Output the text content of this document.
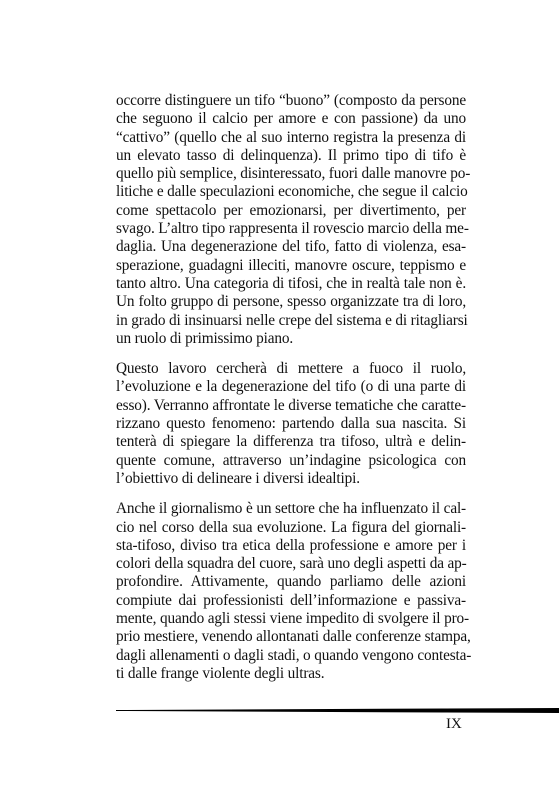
occorre distinguere un tifo “buono” (composto da persone
che seguono il calcio per amore e con passione) da uno
“cattivo” (quello che al suo interno registra la presenza di
un elevato tasso di delinquenza). Il primo tipo di tifo è
quello più semplice, disinteressato, fuori dalle manovre po-
litiche e dalle speculazioni economiche, che segue il calcio
come spettacolo per emozionarsi, per divertimento, per
svago. L’altro tipo rappresenta il rovescio marcio della me-
daglia. Una degenerazione del tifo, fatto di violenza, esa-
sperazione, guadagni illeciti, manovre oscure, teppismo e
tanto altro. Una categoria di tifosi, che in realtà tale non è.
Un folto gruppo di persone, spesso organizzate tra di loro,
in grado di insinuarsi nelle crepe del sistema e di ritagliarsi
un ruolo di primissimo piano.

Questo lavoro cercherà di mettere a fuoco il ruolo,
l’evoluzione e la degenerazione del tifo (o di una parte di
esso). Verranno affrontate le diverse tematiche che caratte-
rizzano questo fenomeno: partendo dalla sua nascita. Si
tenterà di spiegare la differenza tra tifoso, ultrà e delin-
quente comune, attraverso un’indagine psicologica con
l’obiettivo di delineare i diversi idealtipi.

Anche il giornalismo è un settore che ha influenzato il cal-
cio nel corso della sua evoluzione. La figura del giornali-
sta-tifoso, diviso tra etica della professione e amore per i
colori della squadra del cuore, sarà uno degli aspetti da ap-
profondire. Attivamente, quando parliamo delle azioni
compiute dai professionisti dell’informazione e passiva-
mente, quando agli stessi viene impedito di svolgere il pro-
prio mestiere, venendo allontanati dalle conferenze stampa,
dagli allenamenti o dagli stadi, o quando vengono contesta-
ti dalle frange violente degli ultras.

IX
